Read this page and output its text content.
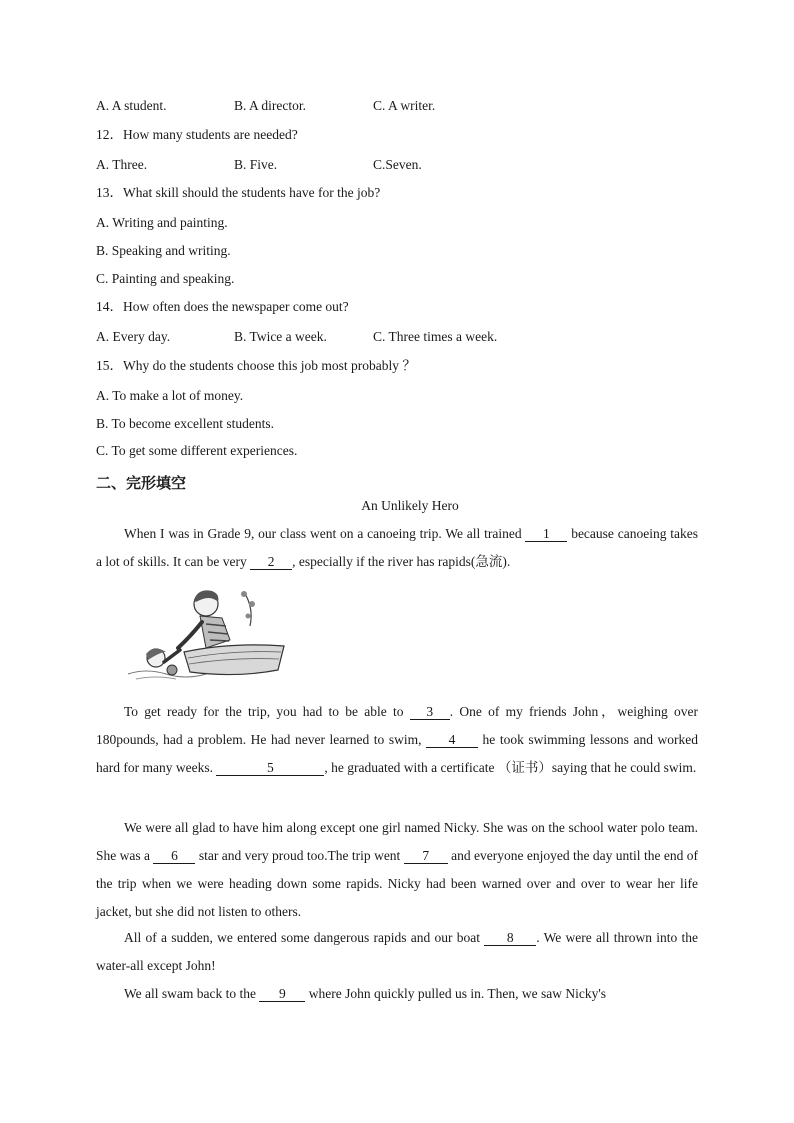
A. A student.	B. A director.	C. A writer.
12．How many students are needed?
A. Three.	B. Five.	C.Seven.
13．What skill should the students have for the job?
A. Writing and painting.
B. Speaking and writing.
C. Painting and speaking.
14．How often does the newspaper come out?
A. Every day.	B. Twice a week.	C. Three times a week.
15．Why do the students choose this job most probably ？
A. To make a lot of money.
B. To become excellent students.
C. To get some different experiences.
二、完形填空
An Unlikely Hero

When I was in Grade 9, our class went on a canoeing trip. We all trained 1 because canoeing takes a lot of skills. It can be very 2 , especially if the river has rapids(急流).

To get ready for the trip, you had to be able to 3 . One of my friends John，weighing over 180pounds, had a problem. He had never learned to swim, 4 he took swimming lessons and worked hard for many weeks.	5	, he graduated with a certificate （证书）saying that he could swim.

We were all glad to have him along except one girl named Nicky. She was on the school water polo team. She was a 6 star and very proud too.The trip went 7 and everyone enjoyed the day until the end of the trip when we were heading down some rapids. Nicky had been warned over and over to wear her life jacket, but she did not listen to others.

All of a sudden, we entered some dangerous rapids and our boat 8 . We were all thrown into the water-all except John!

We all swam back to the 9 where John quickly pulled us in. Then, we saw Nicky's
